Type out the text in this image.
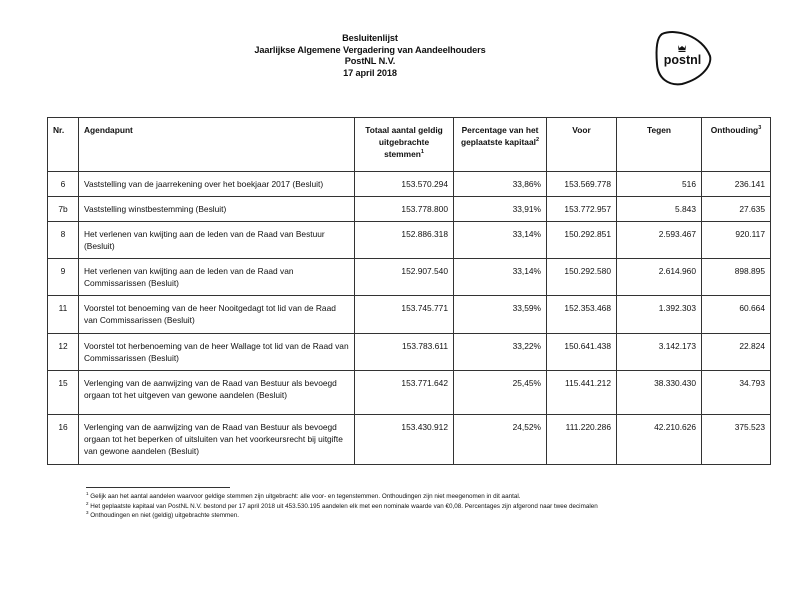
Besluitenlijst
Jaarlijkse Algemene Vergadering van Aandeelhouders
PostNL N.V.
17 april 2018
postnl
Nr.	Agendapunt	Totaal aantal geldig uitgebrachte stemmen$^1$	Percentage van het geplaatste kapitaal$^2$	Voor	Tegen	Onthouding$^3$
6	Vaststelling van de jaarrekening over het boekjaar 2017 (Besluit)	153.570.294	33,86%	153.569.778	516	236.141
7b	Vaststelling winstbestemming (Besluit)	153.778.800	33,91%	153.772.957	5.843	27.635
8	Het verlenen van kwijting aan de leden van de Raad van Bestuur (Besluit)	152.886.318	33,14%	150.292.851	2.593.467	920.117
9	Het verlenen van kwijting aan de leden van de Raad van Commissarissen (Besluit)	152.907.540	33,14%	150.292.580	2.614.960	898.895
11	Voorstel tot benoeming van de heer Nooitgedagt tot lid van de Raad van Commissarissen (Besluit)	153.745.771	33,59%	152.353.468	1.392.303	60.664
12	Voorstel tot herbenoeming van de heer Wallage tot lid van de Raad van Commissarissen (Besluit)	153.783.611	33,22%	150.641.438	3.142.173	22.824
15	Verlenging van de aanwijzing van de Raad van Bestuur als bevoegd orgaan tot het uitgeven van gewone aandelen (Besluit)	153.771.642	25,45%	115.441.212	38.330.430	34.793
16	Verlenging van de aanwijzing van de Raad van Bestuur als bevoegd orgaan tot het beperken of uitsluiten van het voorkeursrecht bij uitgifte van gewone aandelen (Besluit)	153.430.912	24,52%	111.220.286	42.210.626	375.523
$^1$ Gelijk aan het aantal aandelen waarvoor geldige stemmen zijn uitgebracht: alle voor- en tegenstemmen. Onthoudingen zijn niet meegenomen in dit aantal.
$^2$ Het geplaatste kapitaal van PostNL N.V. bestond per 17 april 2018 uit 453.530.195 aandelen elk met een nominale waarde van €0,08. Percentages zijn afgerond naar twee decimalen
$^3$ Onthoudingen en niet (geldig) uitgebrachte stemmen.
